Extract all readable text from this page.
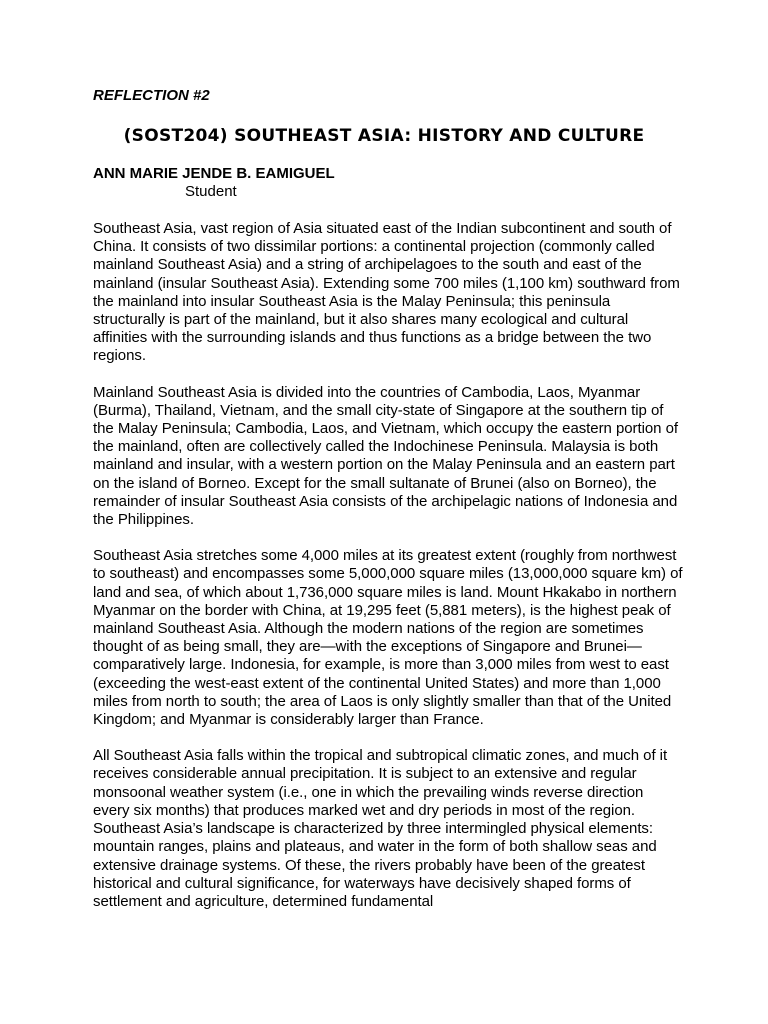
REFLECTION #2

(SOST204) SOUTHEAST ASIA: HISTORY AND CULTURE

ANN MARIE JENDE B. EAMIGUEL

Student

Southeast Asia, vast region of Asia situated east of the Indian subcontinent and south of China. It consists of two dissimilar portions: a continental projection (commonly called mainland Southeast Asia) and a string of archipelagoes to the south and east of the mainland (insular Southeast Asia). Extending some 700 miles (1,100 km) southward from the mainland into insular Southeast Asia is the Malay Peninsula; this peninsula structurally is part of the mainland, but it also shares many ecological and cultural affinities with the surrounding islands and thus functions as a bridge between the two regions.

Mainland Southeast Asia is divided into the countries of Cambodia, Laos, Myanmar (Burma), Thailand, Vietnam, and the small city-state of Singapore at the southern tip of the Malay Peninsula; Cambodia, Laos, and Vietnam, which occupy the eastern portion of the mainland, often are collectively called the Indochinese Peninsula. Malaysia is both mainland and insular, with a western portion on the Malay Peninsula and an eastern part on the island of Borneo. Except for the small sultanate of Brunei (also on Borneo), the remainder of insular Southeast Asia consists of the archipelagic nations of Indonesia and the Philippines.

Southeast Asia stretches some 4,000 miles at its greatest extent (roughly from northwest to southeast) and encompasses some 5,000,000 square miles (13,000,000 square km) of land and sea, of which about 1,736,000 square miles is land. Mount Hkakabo in northern Myanmar on the border with China, at 19,295 feet (5,881 meters), is the highest peak of mainland Southeast Asia. Although the modern nations of the region are sometimes thought of as being small, they are—with the exceptions of Singapore and Brunei—comparatively large. Indonesia, for example, is more than 3,000 miles from west to east (exceeding the west-east extent of the continental United States) and more than 1,000 miles from north to south; the area of Laos is only slightly smaller than that of the United Kingdom; and Myanmar is considerably larger than France.

All Southeast Asia falls within the tropical and subtropical climatic zones, and much of it receives considerable annual precipitation. It is subject to an extensive and regular monsoonal weather system (i.e., one in which the prevailing winds reverse direction every six months) that produces marked wet and dry periods in most of the region. Southeast Asia’s landscape is characterized by three intermingled physical elements: mountain ranges, plains and plateaus, and water in the form of both shallow seas and extensive drainage systems. Of these, the rivers probably have been of the greatest historical and cultural significance, for waterways have decisively shaped forms of settlement and agriculture, determined fundamental
